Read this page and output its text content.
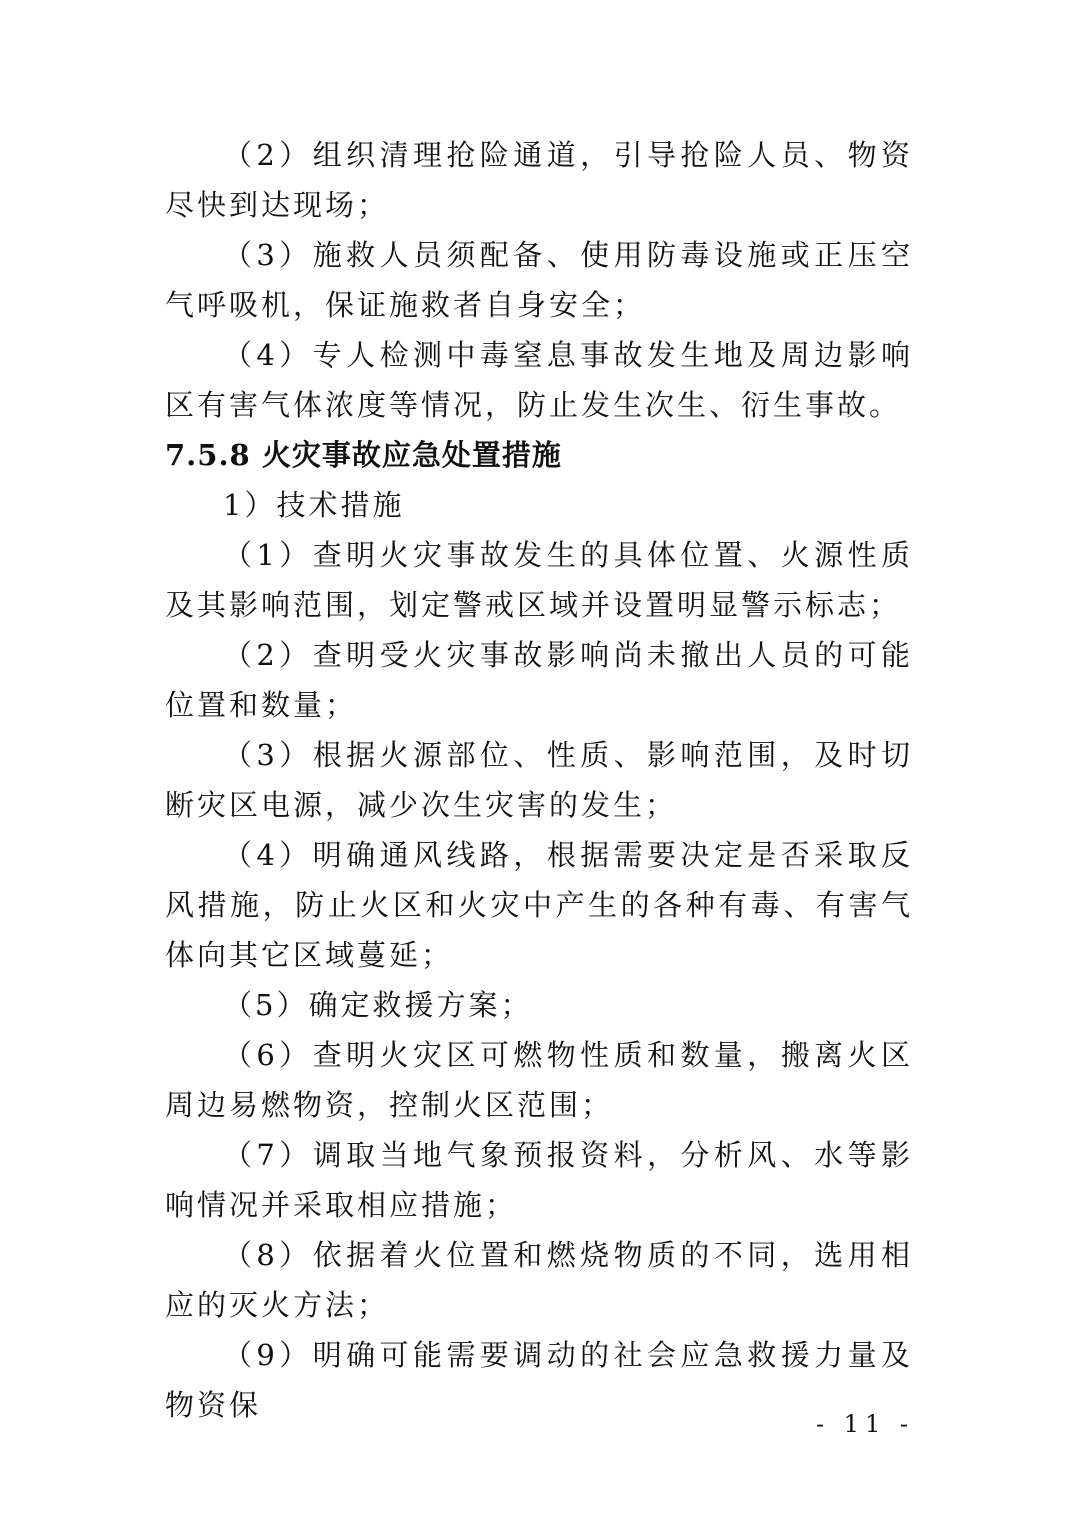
（2）组织清理抢险通道，引导抢险人员、物资尽快到达现场；

（3）施救人员须配备、使用防毒设施或正压空气呼吸机，保证施救者自身安全；

（4）专人检测中毒窒息事故发生地及周边影响区有害气体浓度等情况，防止发生次生、衍生事故。

7.5.8 火灾事故应急处置措施

1）技术措施

（1）查明火灾事故发生的具体位置、火源性质及其影响范围，划定警戒区域并设置明显警示标志；

（2）查明受火灾事故影响尚未撤出人员的可能位置和数量；

（3）根据火源部位、性质、影响范围，及时切断灾区电源，减少次生灾害的发生；

（4）明确通风线路，根据需要决定是否采取反风措施，防止火区和火灾中产生的各种有毒、有害气体向其它区域蔓延；

（5）确定救援方案；

（6）查明火灾区可燃物性质和数量，搬离火区周边易燃物资，控制火区范围；

（7）调取当地气象预报资料，分析风、水等影响情况并采取相应措施；

（8）依据着火位置和燃烧物质的不同，选用相应的灭火方法；

（9）明确可能需要调动的社会应急救援力量及物资保

- 11 -
